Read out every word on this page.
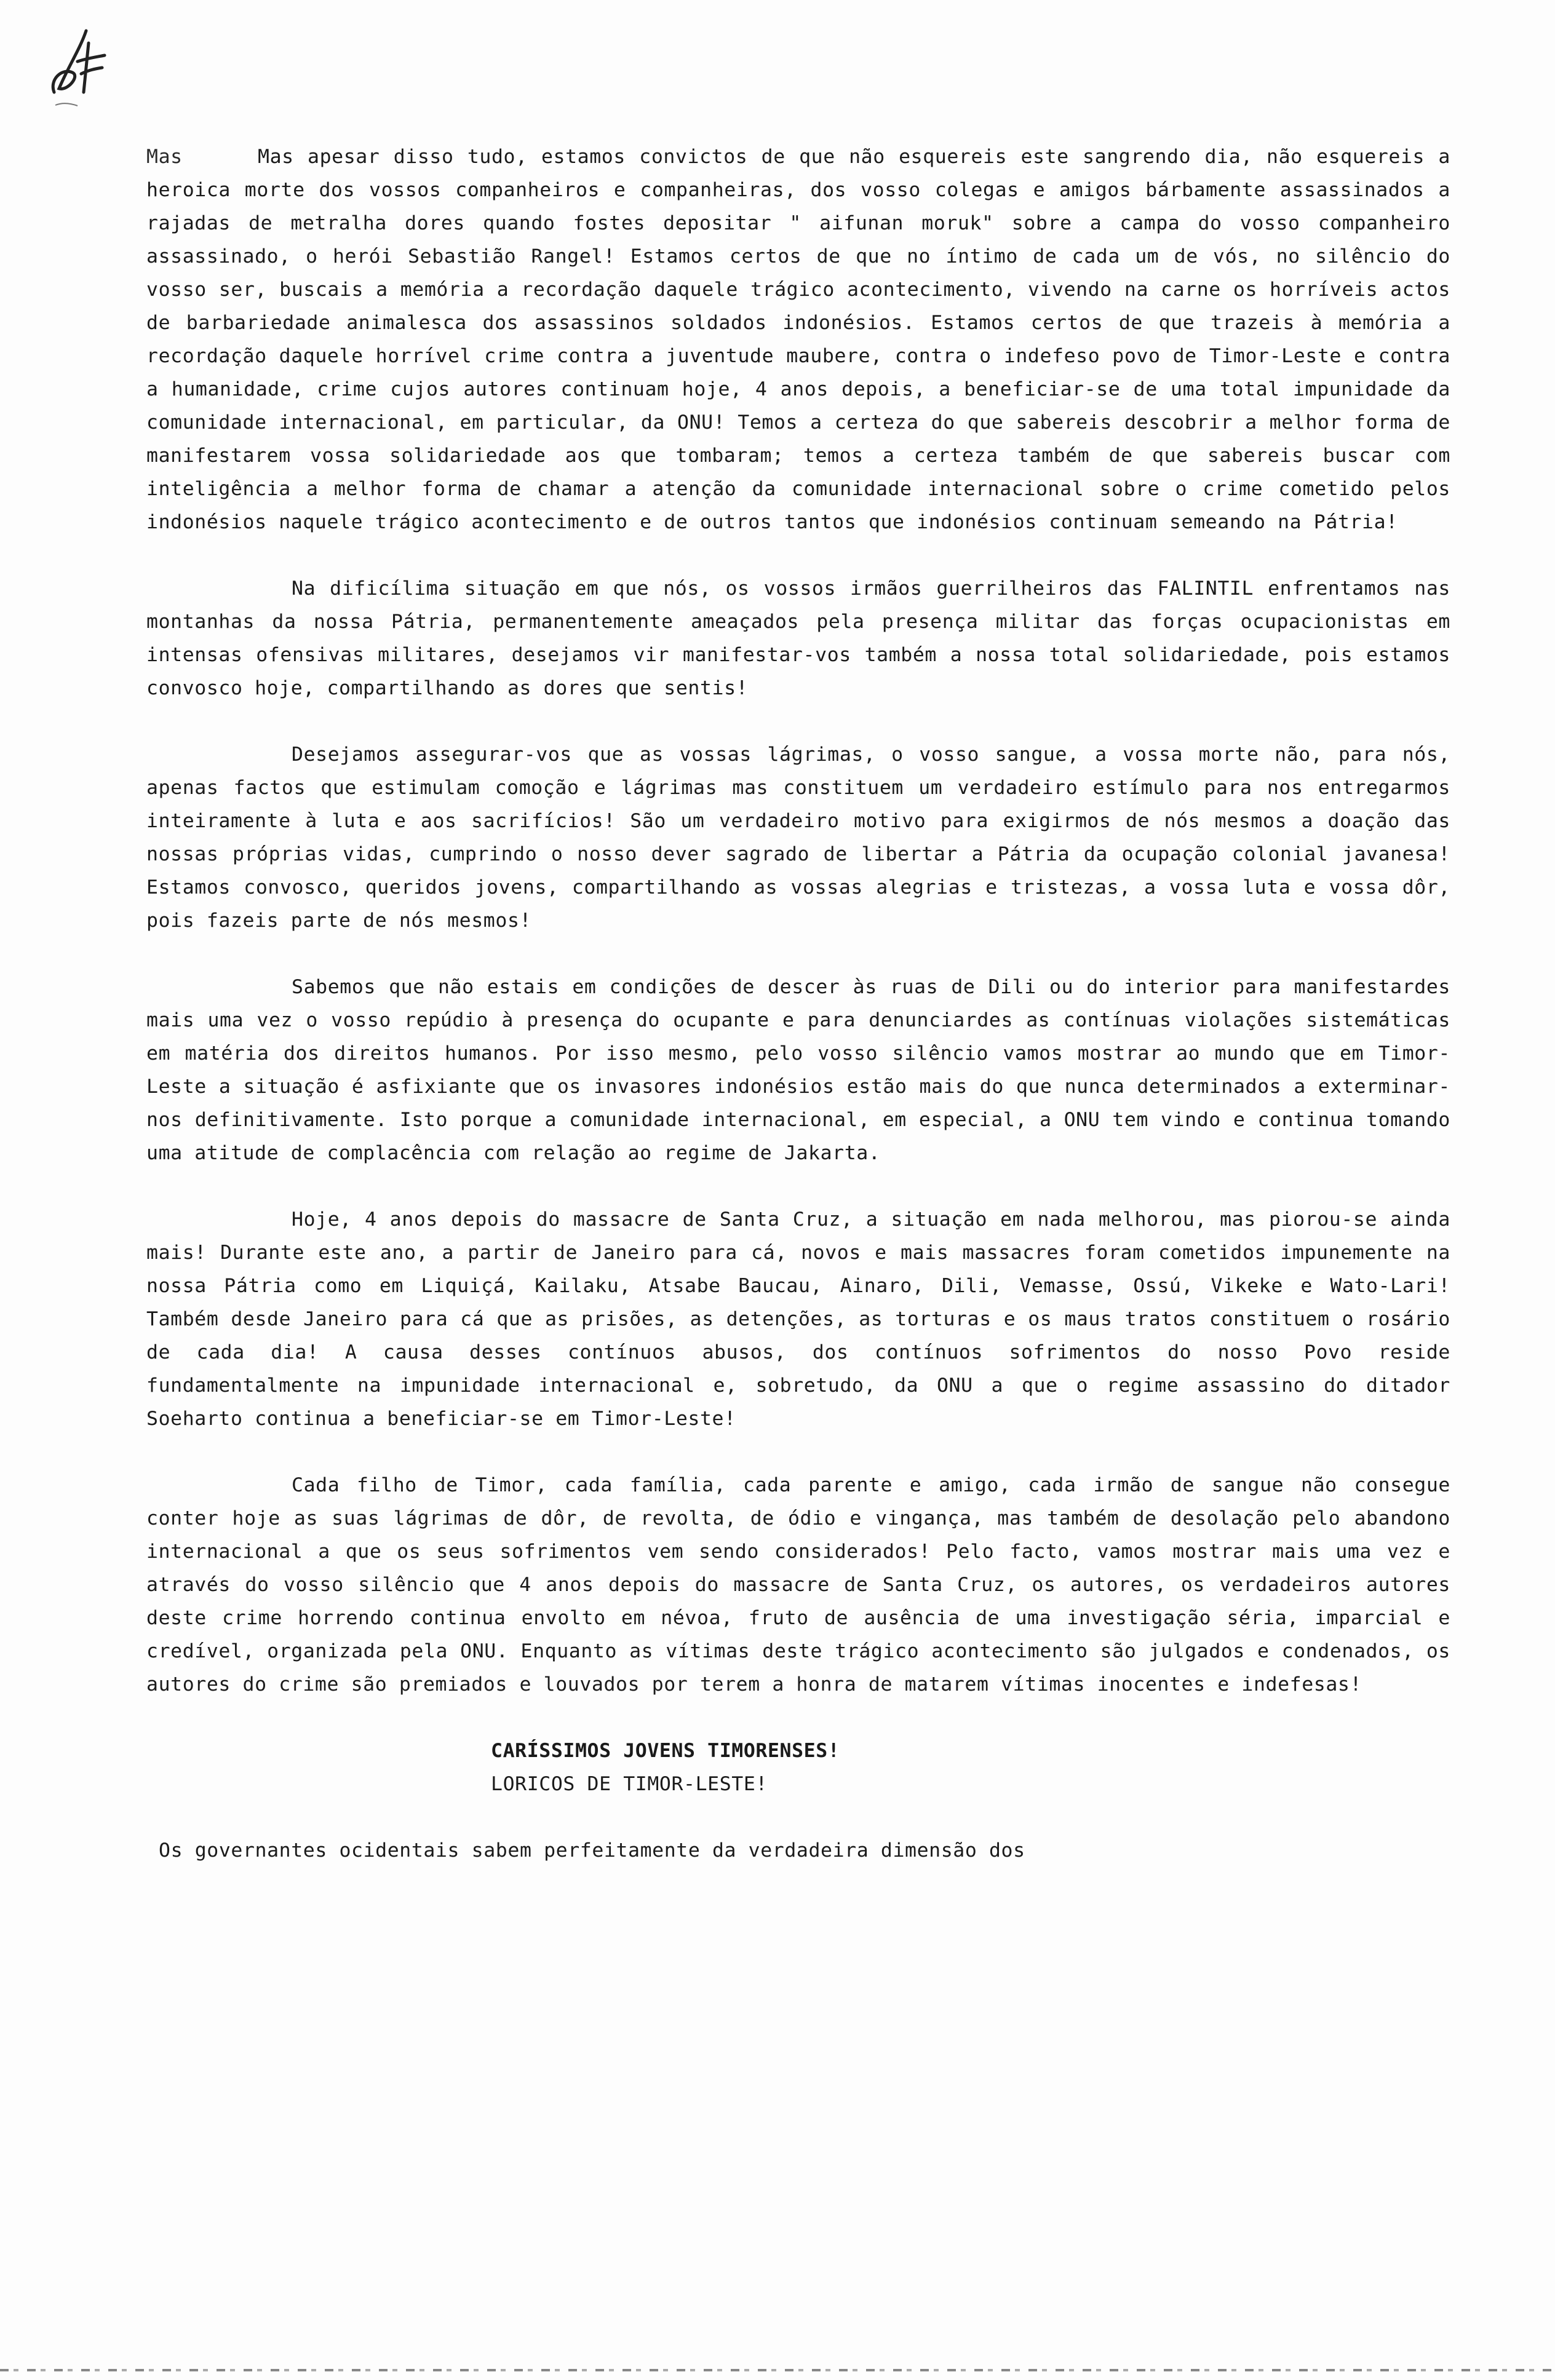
Mas	Mas apesar disso tudo, estamos convictos de que não esquereis este sangrendo dia, não esquereis a heroica morte dos vossos companheiros e companheiras, dos vosso colegas e amigos bárbamente assassinados a rajadas de metralha dores quando fostes depositar " aifunan moruk" sobre a campa do vosso companheiro assassinado, o herói Sebastião Rangel! Estamos certos de que no íntimo de cada um de vós, no silêncio do vosso ser, buscais a memória a recordação daquele trágico acontecimento, vivendo na carne os horríveis actos de barbariedade animalesca dos assassinos soldados indonésios. Estamos certos de que trazeis à memória a recordação daquele horrível crime contra a juventude maubere, contra o indefeso povo de Timor-Leste e contra a humanidade, crime cujos autores continuam hoje, 4 anos depois, a beneficiar-se de uma total impunidade da comunidade internacional, em particular, da ONU! Temos a certeza do que sabereis descobrir a melhor forma de manifestarem vossa solidariedade aos que tombaram; temos a certeza também de que sabereis buscar com inteligência a melhor forma de chamar a atenção da comunidade internacional sobre o crime cometido pelos indonésios naquele trágico acontecimento e de outros tantos que indonésios continuam semeando na Pátria!

Na dificílima situação em que nós, os vossos irmãos guerrilheiros das FALINTIL enfrentamos nas montanhas da nossa Pátria, permanentemente ameaçados pela presença militar das forças ocupacionistas em intensas ofensivas militares, desejamos vir manifestar-vos também a nossa total solidariedade, pois estamos convosco hoje, compartilhando as dores que sentis!

Desejamos assegurar-vos que as vossas lágrimas, o vosso sangue, a vossa morte não, para nós, apenas factos que estimulam comoção e lágrimas mas constituem um verdadeiro estímulo para nos entregarmos inteiramente à luta e aos sacrifícios! São um verdadeiro motivo para exigirmos de nós mesmos a doação das nossas próprias vidas, cumprindo o nosso dever sagrado de libertar a Pátria da ocupação colonial javanesa! Estamos convosco, queridos jovens, compartilhando as vossas alegrias e tristezas, a vossa luta e vossa dôr, pois fazeis parte de nós mesmos!

Sabemos que não estais em condições de descer às ruas de Dili ou do interior para manifestardes mais uma vez o vosso repúdio à presença do ocupante e para denunciardes as contínuas violações sistemáticas em matéria dos direitos humanos. Por isso mesmo, pelo vosso silêncio vamos mostrar ao mundo que em Timor-Leste a situação é asfixiante que os invasores indonésios estão mais do que nunca determinados a exterminar-nos definitivamente. Isto porque a comunidade internacional, em especial, a ONU tem vindo e continua tomando uma atitude de complacência com relação ao regime de Jakarta.

Hoje, 4 anos depois do massacre de Santa Cruz, a situação em nada melhorou, mas piorou-se ainda mais! Durante este ano, a partir de Janeiro para cá, novos e mais massacres foram cometidos impunemente na nossa Pátria como em Liquiçá, Kailaku, Atsabe Baucau, Ainaro, Dili, Vemasse, Ossú, Vikeke e Wato-Lari! Também desde Janeiro para cá que as prisões, as detenções, as torturas e os maus tratos constituem o rosário de cada dia! A causa desses contínuos abusos, dos contínuos sofrimentos do nosso Povo reside fundamentalmente na impunidade internacional e, sobretudo, da ONU a que o regime assassino do ditador Soeharto continua a beneficiar-se em Timor-Leste!

Cada filho de Timor, cada família, cada parente e amigo, cada irmão de sangue não consegue conter hoje as suas lágrimas de dôr, de revolta, de ódio e vingança, mas também de desolação pelo abandono internacional a que os seus sofrimentos vem sendo considerados! Pelo facto, vamos mostrar mais uma vez e através do vosso silêncio que 4 anos depois do massacre de Santa Cruz, os autores, os verdadeiros autores deste crime horrendo continua envolto em névoa, fruto de ausência de uma investigação séria, imparcial e credível, organizada pela ONU. Enquanto as vítimas deste trágico acontecimento são julgados e condenados, os autores do crime são premiados e louvados por terem a honra de matarem vítimas inocentes e indefesas!

CARÍSSIMOS JOVENS TIMORENSES!
LORICOS DE TIMOR-LESTE!

Os governantes ocidentais sabem perfeitamente da verdadeira dimensão dos
